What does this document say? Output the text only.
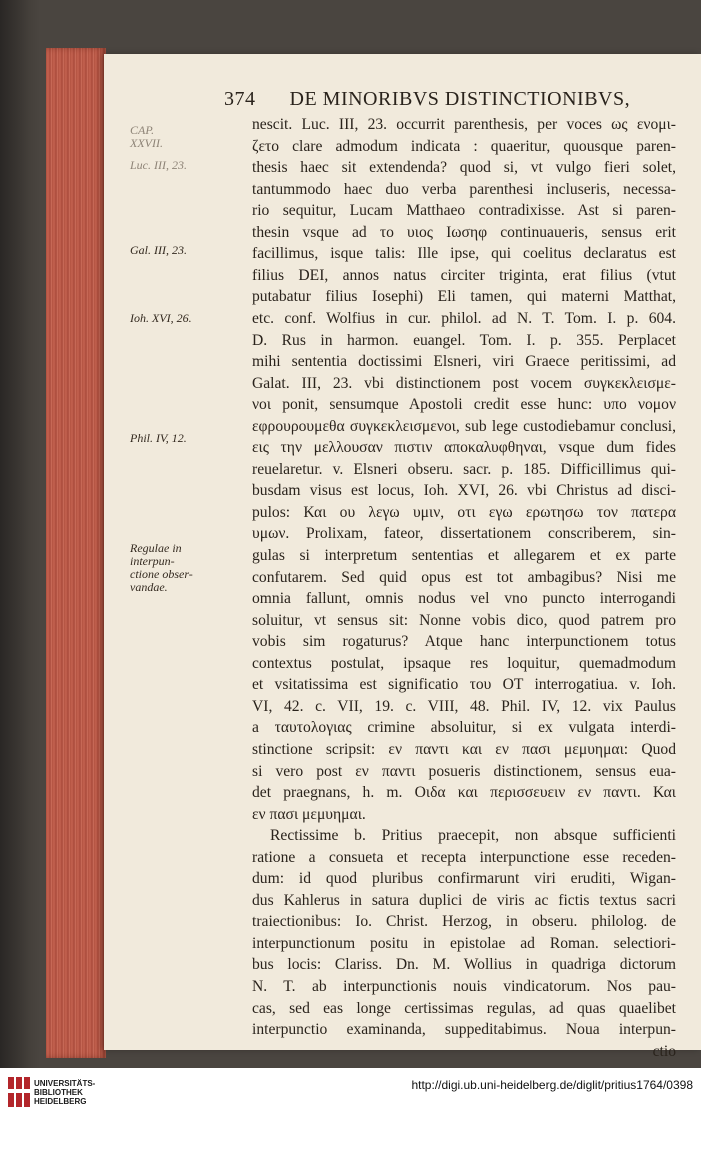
374 DE MINORIBVS DISTINCTIONIBVS,
CAP.
XXVII.
Luc. III, 23.
Gal. III, 23.
Ioh. XVI, 26.
Phil. IV, 12.
Regulae in
interpun-
ctione obser-
vandae.
nescit. Luc. III, 23. occurrit parenthesis, per voces ως ενομι-
ζετο clare admodum indicata : quaeritur, quousque paren-
thesis haec sit extendenda? quod si, vt vulgo fieri solet,
tantummodo haec duo verba parenthesi incluseris, necessa-
rio sequitur, Lucam Matthaeo contradixisse. Ast si paren-
thesin vsque ad το υιος Ιωσηφ continuaueris, sensus erit
facillimus, isque talis: Ille ipse, qui coelitus declaratus est
filius DEI, annos natus circiter triginta, erat filius (vtut
putabatur filius Iosephi) Eli tamen, qui materni Matthat,
etc. conf. Wolfius in cur. philol. ad N. T. Tom. I. p. 604.
D. Rus in harmon. euangel. Tom. I. p. 355. Perplacet
mihi sententia doctissimi Elsneri, viri Graece peritissimi, ad
Galat. III, 23. vbi distinctionem post vocem συγκεκλεισμε-
νοι ponit, sensumque Apostoli credit esse hunc: υπο νομον
εφρουρουμεθα συγκεκλεισμενοι, sub lege custodiebamur conclusi,
εις την μελλουσαν πιστιν αποκαλυφθηναι, vsque dum fides
reuelaretur. v. Elsneri obseru. sacr. p. 185. Difficillimus qui-
busdam visus est locus, Ioh. XVI, 26. vbi Christus ad disci-
pulos: Και ου λεγω υμιν, οτι εγω ερωτησω τον πατερα
υμων. Prolixam, fateor, dissertationem conscriberem, sin-
gulas si interpretum sententias et allegarem et ex parte
confutarem. Sed quid opus est tot ambagibus? Nisi me
omnia fallunt, omnis nodus vel vno puncto interrogandi
soluitur, vt sensus sit: Nonne vobis dico, quod patrem pro
vobis sim rogaturus? Atque hanc interpunctionem totus
contextus postulat, ipsaque res loquitur, quemadmodum
et vsitatissima est significatio του ΟΤ interrogatiua. v. Ioh.
VI, 42. c. VII, 19. c. VIII, 48. Phil. IV, 12. vix Paulus
a ταυτολογιας crimine absoluitur, si ex vulgata interdi-
stinctione scripsit: εν παντι και εν πασι μεμυημαι: Quod
si vero post εν παντι posueris distinctionem, sensus eua-
det praegnans, h. m. Οιδα και περισσευειν εν παντι. Και
εν πασι μεμυημαι.
Rectissime b. Pritius praecepit, non absque sufficienti
ratione a consueta et recepta interpunctione esse receden-
dum: id quod pluribus confirmarunt viri eruditi, Wigan-
dus Kahlerus in satura duplici de viris ac fictis textus sacri
traiectionibus: Io. Christ. Herzog, in obseru. philolog. de
interpunctionum positu in epistolae ad Roman. selectiori-
bus locis: Clariss. Dn. M. Wollius in quadriga dictorum
N. T. ab interpunctionis nouis vindicatorum. Nos pau-
cas, sed eas longe certissimas regulas, ad quas quaelibet
interpunctio examinanda, suppeditabimus. Noua interpun-
ctio
UNIVERSITÄTS-
BIBLIOTHEK
HEIDELBERG
http://digi.ub.uni-heidelberg.de/diglit/pritius1764/0398
